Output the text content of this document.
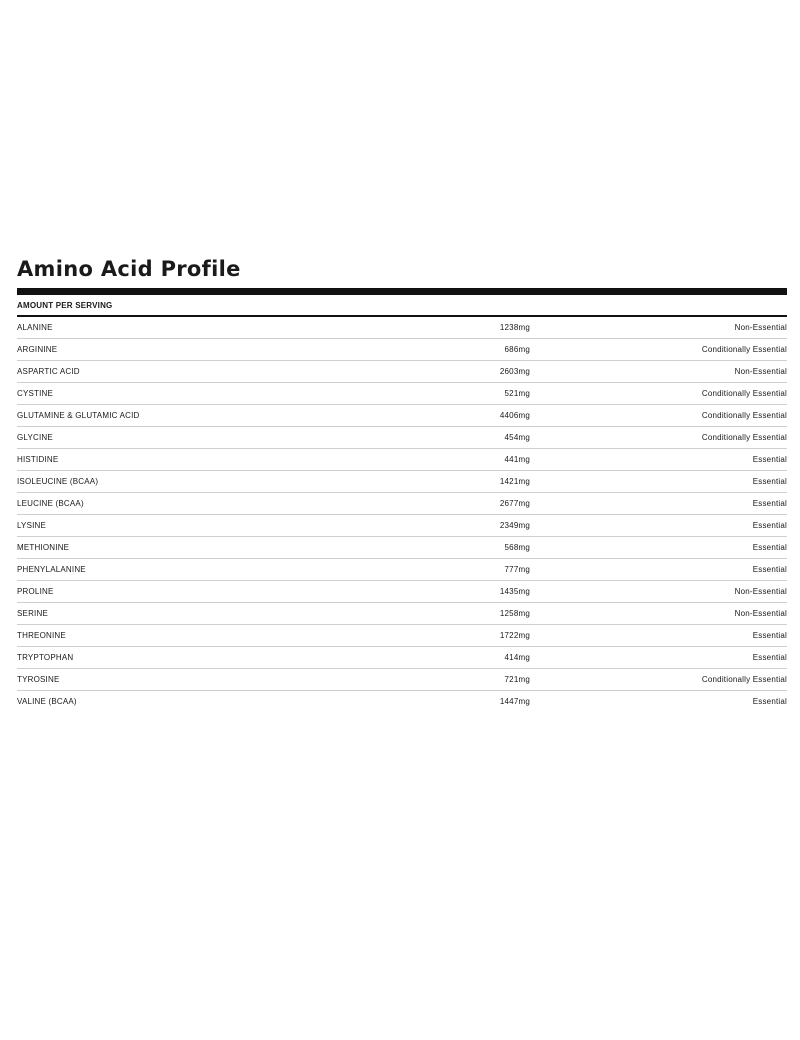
Amino Acid Profile
AMOUNT PER SERVING
ALANINE	1238mg	Non-Essential
ARGININE	686mg	Conditionally Essential
ASPARTIC ACID	2603mg	Non-Essential
CYSTINE	521mg	Conditionally Essential
GLUTAMINE & GLUTAMIC ACID	4406mg	Conditionally Essential
GLYCINE	454mg	Conditionally Essential
HISTIDINE	441mg	Essential
ISOLEUCINE (BCAA)	1421mg	Essential
LEUCINE (BCAA)	2677mg	Essential
LYSINE	2349mg	Essential
METHIONINE	568mg	Essential
PHENYLALANINE	777mg	Essential
PROLINE	1435mg	Non-Essential
SERINE	1258mg	Non-Essential
THREONINE	1722mg	Essential
TRYPTOPHAN	414mg	Essential
TYROSINE	721mg	Conditionally Essential
VALINE (BCAA)	1447mg	Essential
